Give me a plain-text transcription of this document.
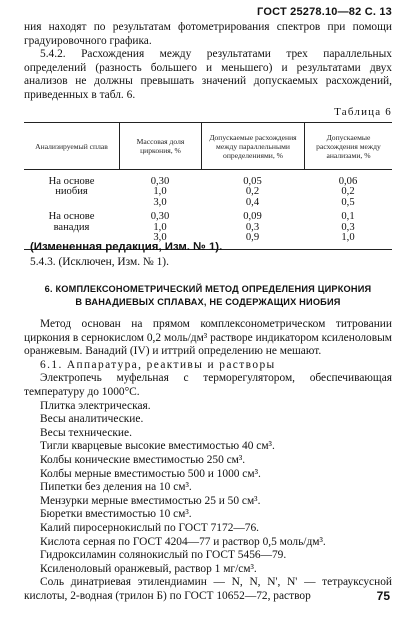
ГОСТ 25278.10—82 С. 13

ния находят по результатам фотометрирования спектров при помощи градуировочного графика.

5.4.2. Расхождения между результатами трех параллельных определений (разность большего и меньшего) и результатами двух анализов не должны превышать значений допускаемых расхождений, приведенных в табл. 6.

Таблица 6
Анализируемый сплав	Массовая доля циркония, %
Допускаемые расхождения между параллельными определениями, %
Допускаемые расхождения между анализами, %
На основе
ниобия
На основе
ванадия
0,30
1,0
3,0
0,30
1,0
3,0
0,05
0,2
0,4
0,09
0,3
0,9
0,06
0,2
0,5
0,1
0,3
1,0
(Измененная редакция, Изм. № 1).
5.4.3. (Исключен, Изм. № 1).
6. КОМПЛЕКСОНОМЕТРИЧЕСКИЙ МЕТОД ОПРЕДЕЛЕНИЯ ЦИРКОНИЯ
В ВАНАДИЕВЫХ СПЛАВАХ, НЕ СОДЕРЖАЩИХ НИОБИЯ

Метод основан на прямом комплексонометрическом титровании циркония в сернокислом 0,2 моль/дм³ растворе индикатором ксиленоловым оранжевым. Ванадий (IV) и иттрий определению не мешают.

6.1. Аппаратура, реактивы и растворы

Электропечь муфельная с терморегулятором, обеспечивающая температуру до 1000°С.

Плитка электрическая.

Весы аналитические.

Весы технические.

Тигли кварцевые высокие вместимостью 40 см³.

Колбы конические вместимостью 250 см³.

Колбы мерные вместимостью 500 и 1000 см³.

Пипетки без деления на 10 см³.

Мензурки мерные вместимостью 25 и 50 см³.

Бюретки вместимостью 10 см³.

Калий пиросернокислый по ГОСТ 7172—76.

Кислота серная по ГОСТ 4204—77 и раствор 0,5 моль/дм³.

Гидроксиламин солянокислый по ГОСТ 5456—79.

Ксиленоловый оранжевый, раствор 1 мг/см³.

Соль динатриевая этилендиамин — N, N, N', N' — тетрауксусной кислоты, 2-водная (трилон Б) по ГОСТ 10652—72, раствор	75
